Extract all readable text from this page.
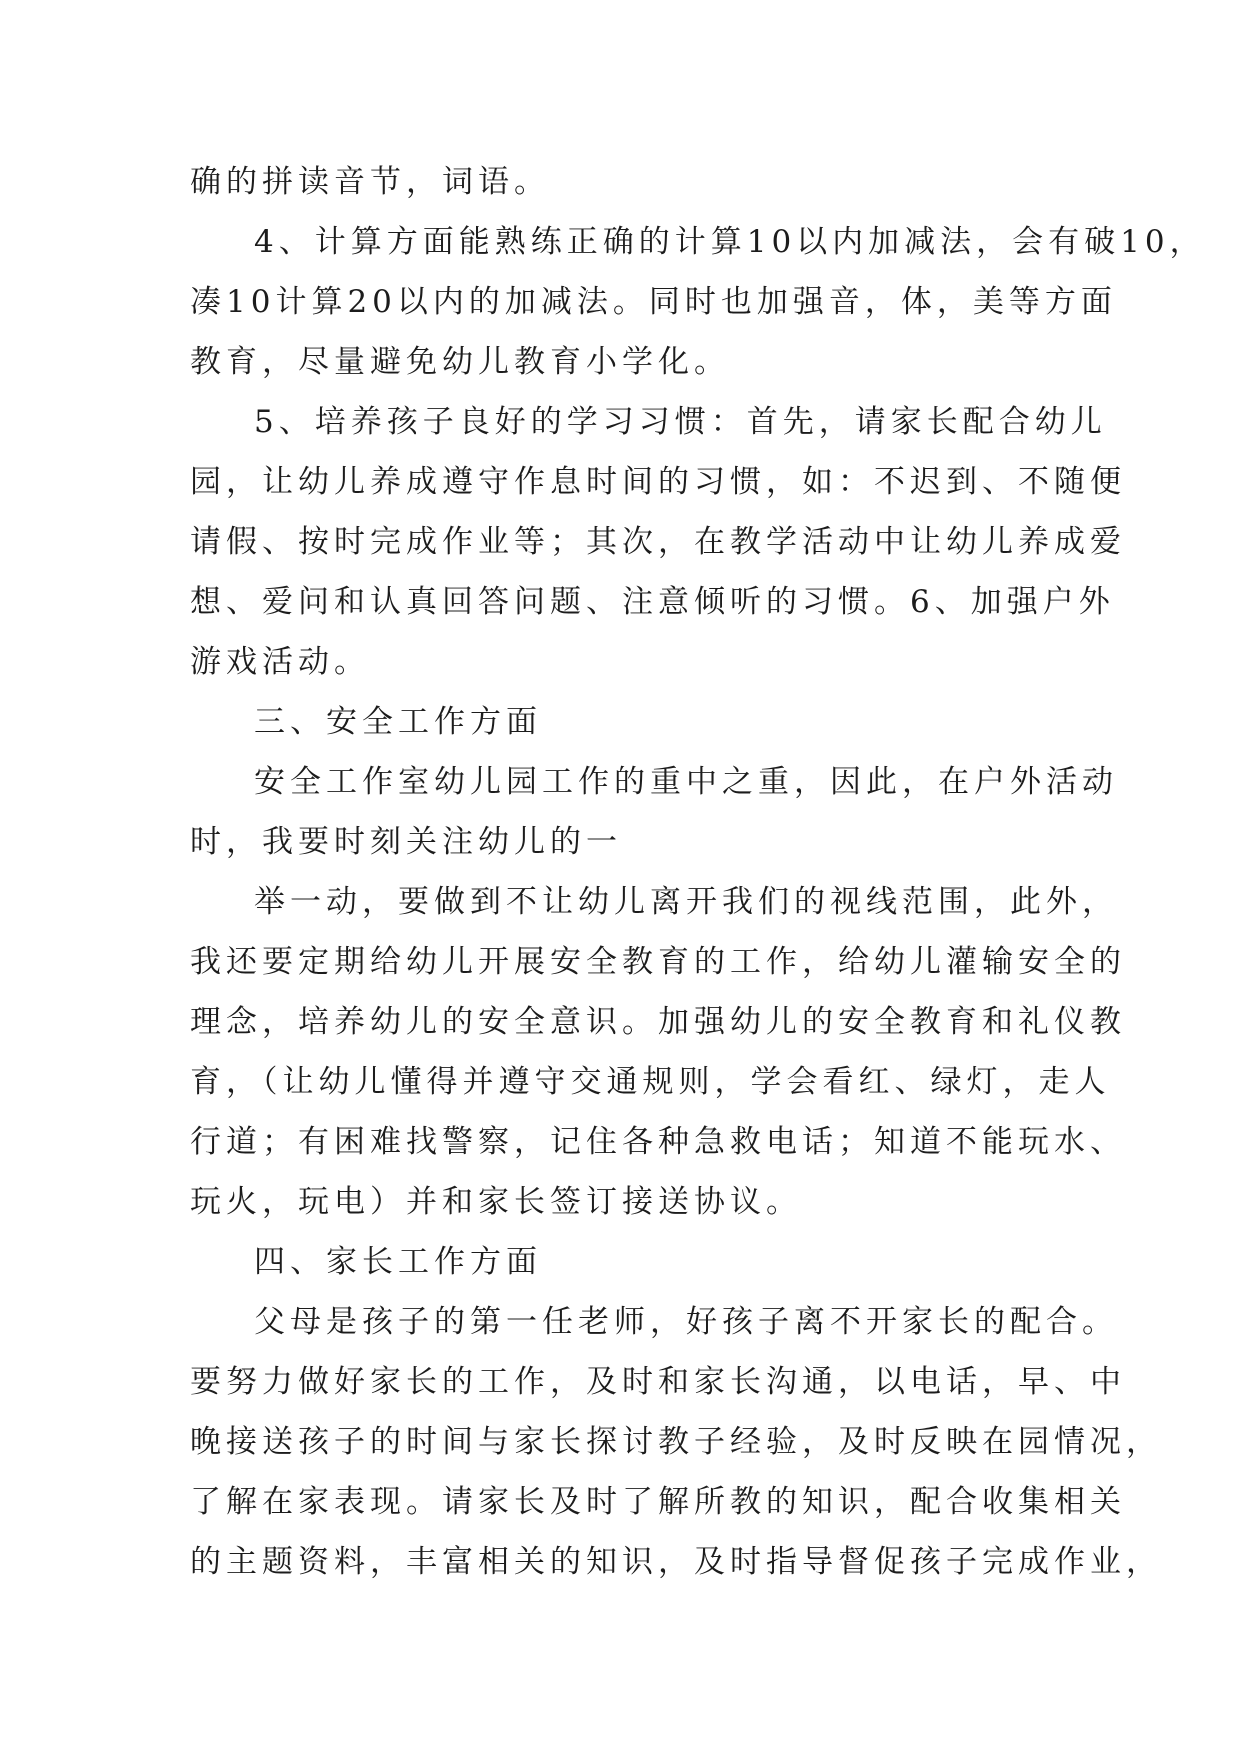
确的拼读音节，词语。
4、计算方面能熟练正确的计算10以内加减法，会有破10，
凑10计算20以内的加减法。同时也加强音，体，美等方面
教育，尽量避免幼儿教育小学化。
5、培养孩子良好的学习习惯：首先，请家长配合幼儿
园，让幼儿养成遵守作息时间的习惯，如：不迟到、不随便
请假、按时完成作业等；其次，在教学活动中让幼儿养成爱
想、爱问和认真回答问题、注意倾听的习惯。6、加强户外
游戏活动。
三、安全工作方面
安全工作室幼儿园工作的重中之重，因此，在户外活动
时，我要时刻关注幼儿的一
举一动，要做到不让幼儿离开我们的视线范围，此外，
我还要定期给幼儿开展安全教育的工作，给幼儿灌输安全的
理念，培养幼儿的安全意识。加强幼儿的安全教育和礼仪教
育，（让幼儿懂得并遵守交通规则，学会看红、绿灯，走人
行道；有困难找警察，记住各种急救电话；知道不能玩水、
玩火，玩电）并和家长签订接送协议。
四、家长工作方面
父母是孩子的第一任老师，好孩子离不开家长的配合。
要努力做好家长的工作，及时和家长沟通，以电话，早、中
晚接送孩子的时间与家长探讨教子经验，及时反映在园情况，
了解在家表现。请家长及时了解所教的知识，配合收集相关
的主题资料，丰富相关的知识，及时指导督促孩子完成作业，
